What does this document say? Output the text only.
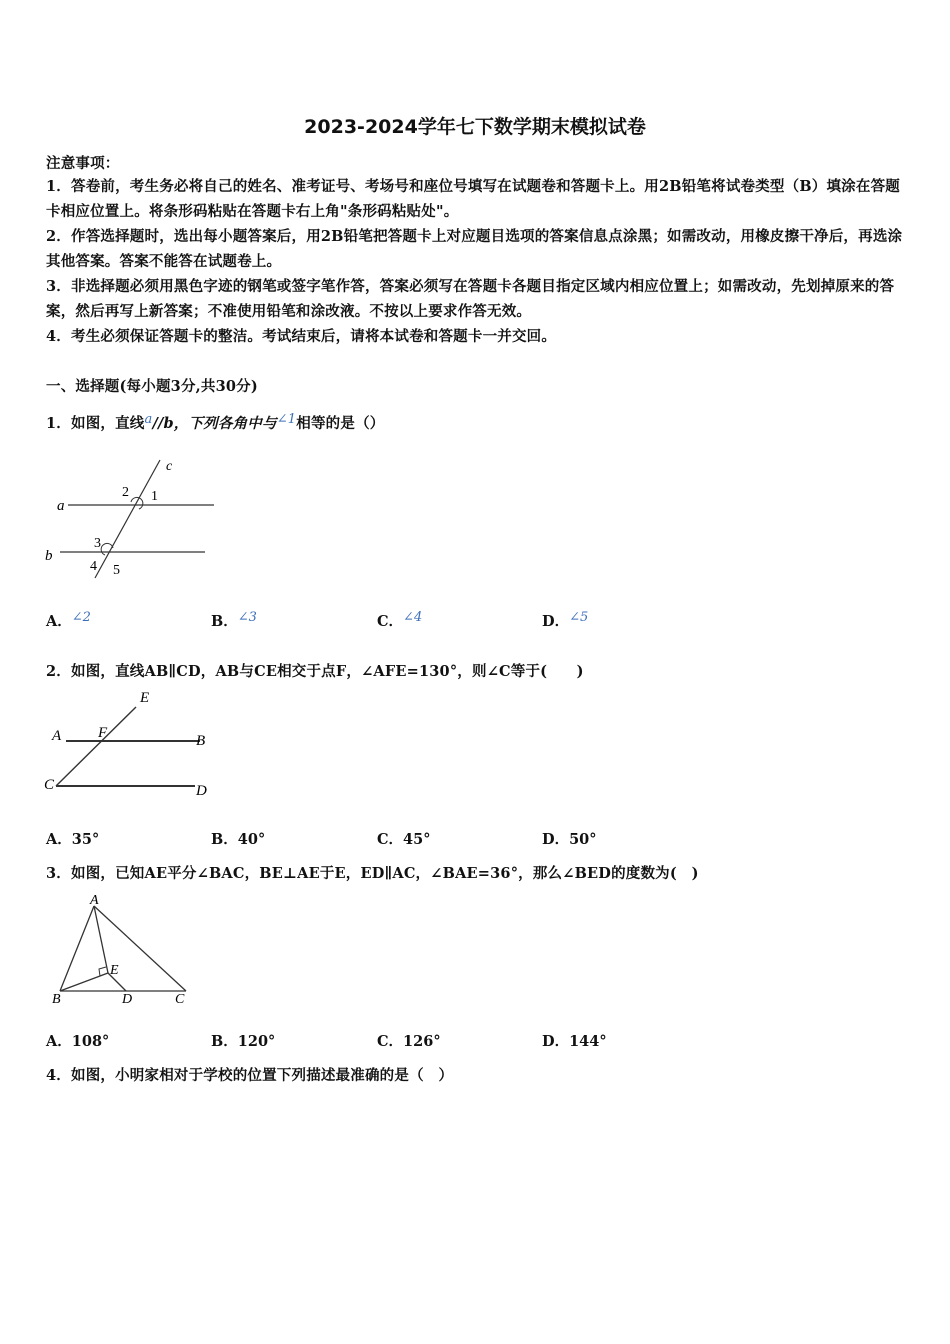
2023-2024学年七下数学期末模拟试卷
注意事项：
1．答卷前，考生务必将自己的姓名、准考证号、考场号和座位号填写在试题卷和答题卡上。用2B铅笔将试卷类型（B）填涂在答题卡相应位置上。将条形码粘贴在答题卡右上角"条形码粘贴处"。
2．作答选择题时，选出每小题答案后，用2B铅笔把答题卡上对应题目选项的答案信息点涂黑；如需改动，用橡皮擦干净后，再选涂其他答案。答案不能答在试题卷上。
3．非选择题必须用黑色字迹的钢笔或签字笔作答，答案必须写在答题卡各题目指定区域内相应位置上；如需改动，先划掉原来的答案，然后再写上新答案；不准使用铅笔和涂改液。不按以上要求作答无效。
4．考生必须保证答题卡的整洁。考试结束后，请将本试卷和答题卡一并交回。
一、选择题(每小题3分,共30分)
1．如图，直线a//b，下列各角中与∠1相等的是（）
c
a
b
2 1
3
4 5
A．∠2	B．∠3	C．∠4	D．∠5
2．如图，直线AB∥CD，AB与CE相交于点F，∠AFE=130°，则∠C等于(　　)
E
A F	B
C	D
A．35°	B．40°	C．45°	D．50°
3．如图，已知AE平分∠BAC，BE⊥AE于E，ED∥AC，∠BAE=36°，那么∠BED的度数为(　)
A
E
B	D	C
A．108°	B．120°	C．126°	D．144°
4．如图，小明家相对于学校的位置下列描述最准确的是（　）
